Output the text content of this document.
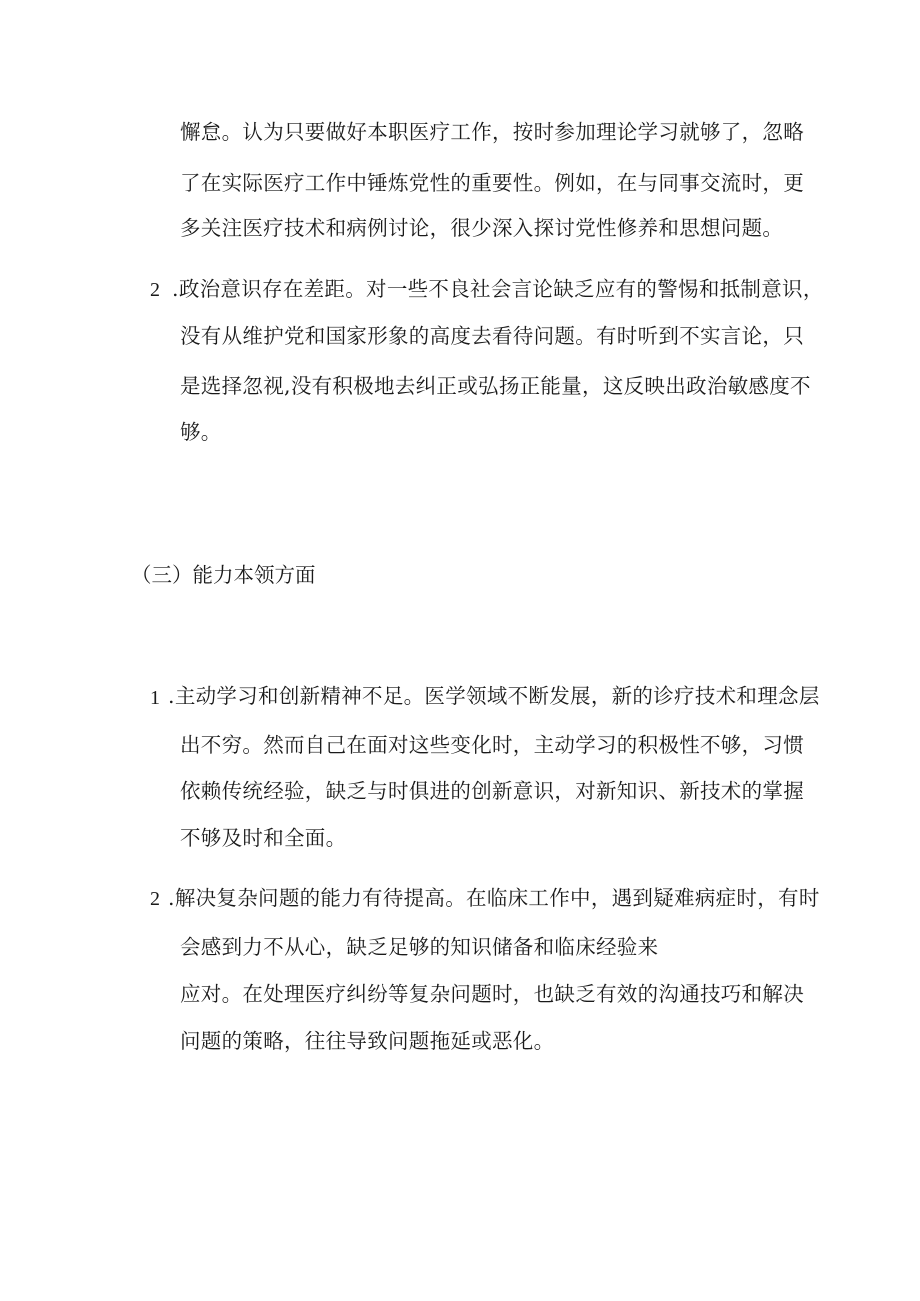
懈怠。认为只要做好本职医疗工作，按时参加理论学习就够了，忽略
了在实际医疗工作中锤炼党性的重要性。例如，在与同事交流时，更
多关注医疗技术和病例讨论，很少深入探讨党性修养和思想问题。
2 .政治意识存在差距。对一些不良社会言论缺乏应有的警惕和抵制意识，
没有从维护党和国家形象的高度去看待问题。有时听到不实言论，只
是选择忽视,没有积极地去纠正或弘扬正能量，这反映出政治敏感度不
够。
（三）能力本领方面
1 .主动学习和创新精神不足。医学领域不断发展，新的诊疗技术和理念层
出不穷。然而自己在面对这些变化时，主动学习的积极性不够，习惯
依赖传统经验，缺乏与时俱进的创新意识，对新知识、新技术的掌握
不够及时和全面。
2 .解决复杂问题的能力有待提高。在临床工作中，遇到疑难病症时，有时
会感到力不从心，缺乏足够的知识储备和临床经验来
应对。在处理医疗纠纷等复杂问题时，也缺乏有效的沟通技巧和解决
问题的策略，往往导致问题拖延或恶化。
